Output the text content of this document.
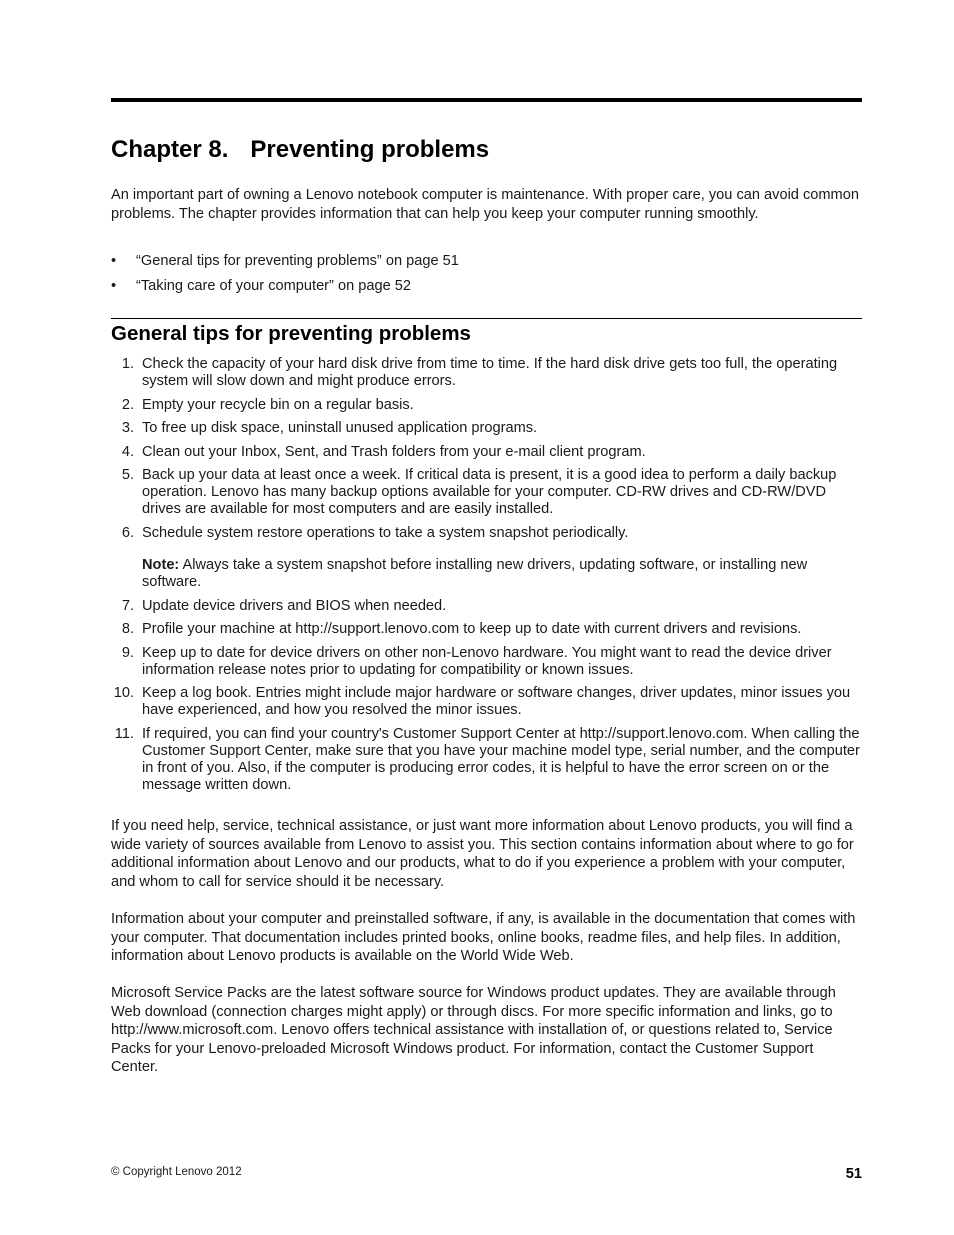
Chapter 8. Preventing problems

An important part of owning a Lenovo notebook computer is maintenance. With proper care, you can avoid common problems. The chapter provides information that can help you keep your computer running smoothly.

• “General tips for preventing problems” on page 51
• “Taking care of your computer” on page 52
General tips for preventing problems
1. Check the capacity of your hard disk drive from time to time. If the hard disk drive gets too full, the operating system will slow down and might produce errors.
2. Empty your recycle bin on a regular basis.
3. To free up disk space, uninstall unused application programs.
4. Clean out your Inbox, Sent, and Trash folders from your e-mail client program.
5. Back up your data at least once a week. If critical data is present, it is a good idea to perform a daily backup operation. Lenovo has many backup options available for your computer. CD-RW drives and CD-RW/DVD drives are available for most computers and are easily installed.
6. Schedule system restore operations to take a system snapshot periodically.
Note: Always take a system snapshot before installing new drivers, updating software, or installing new software.
7. Update device drivers and BIOS when needed.
8. Profile your machine at http://support.lenovo.com to keep up to date with current drivers and revisions.
9. Keep up to date for device drivers on other non-Lenovo hardware. You might want to read the device driver information release notes prior to updating for compatibility or known issues.
10. Keep a log book. Entries might include major hardware or software changes, driver updates, minor issues you have experienced, and how you resolved the minor issues.
11. If required, you can find your country's Customer Support Center at http://support.lenovo.com. When calling the Customer Support Center, make sure that you have your machine model type, serial number, and the computer in front of you. Also, if the computer is producing error codes, it is helpful to have the error screen on or the message written down.

If you need help, service, technical assistance, or just want more information about Lenovo products, you will find a wide variety of sources available from Lenovo to assist you. This section contains information about where to go for additional information about Lenovo and our products, what to do if you experience a problem with your computer, and whom to call for service should it be necessary.

Information about your computer and preinstalled software, if any, is available in the documentation that comes with your computer. That documentation includes printed books, online books, readme files, and help files. In addition, information about Lenovo products is available on the World Wide Web.

Microsoft Service Packs are the latest software source for Windows product updates. They are available through Web download (connection charges might apply) or through discs. For more specific information and links, go to http://www.microsoft.com. Lenovo offers technical assistance with installation of, or questions related to, Service Packs for your Lenovo-preloaded Microsoft Windows product. For information, contact the Customer Support Center.

© Copyright Lenovo 2012	51
